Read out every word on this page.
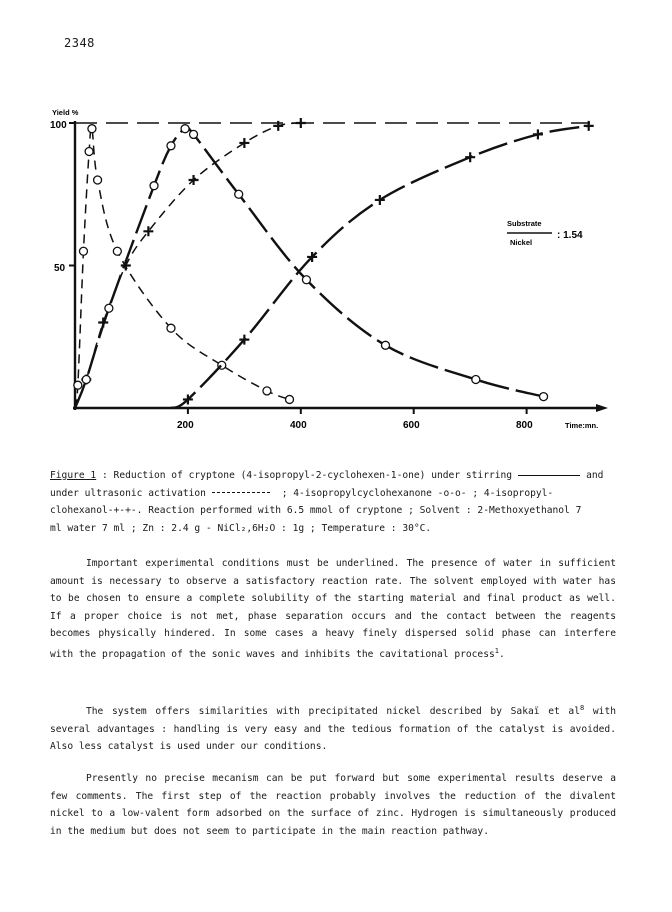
2348
Yield %
Time:mn.
100
50
200	400	600	800
Substrate
Nickel
: 1.54
Figure 1 : Reduction of cryptone (4-isopropyl-2-cyclohexen-1-one) under stirring	and
under ultrasonic activation	; 4-isopropylcyclohexanone -o-o- ; 4-isopropyl-
clohexanol-+-+-. Reaction performed with 6.5 mmol of cryptone ; Solvent : 2-Methoxyethanol 7
ml water 7 ml ; Zn : 2.4 g - NiCl₂,6H₂O : 1g ; Temperature : 30°C.

Important experimental conditions must be underlined. The presence of water in sufficient amount is necessary to observe a satisfactory reaction rate. The solvent employed with water has to be chosen to ensure a complete solubility of the starting material and final product as well. If a proper choice is not met, phase separation occurs and the contact between the reagents becomes physically hindered. In some cases a heavy finely dispersed solid phase can interfere with the propagation of the sonic waves and inhibits the cavitational process$^1$.

The system offers similarities with precipitated nickel described by Sakaï et $al^8$ with several advantages : handling is very easy and the tedious formation of the catalyst is avoided. Also less catalyst is used under our conditions.

Presently no precise mecanism can be put forward but some experimental results deserve a few comments. The first step of the reaction probably involves the reduction of the divalent nickel to a low-valent form adsorbed on the surface of zinc. Hydrogen is simultaneously produced in the medium but does not seem to participate in the main reaction pathway.
